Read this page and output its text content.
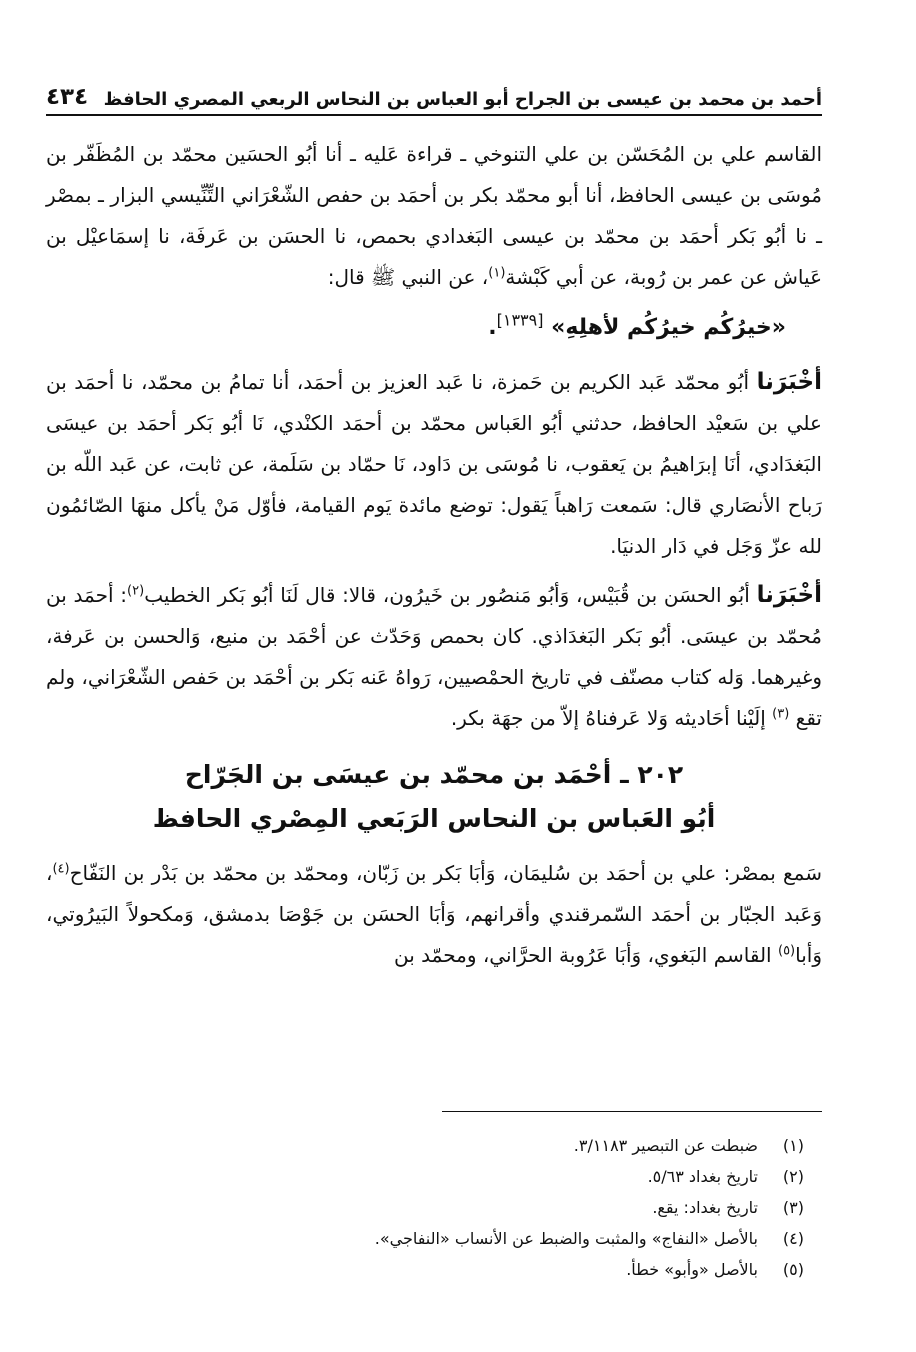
أحمد بن محمد بن عيسى بن الجراح أبو العباس بن النحاس الربعي المصري الحافظ
٤٣٤

القاسم علي بن المُحَسّن بن علي التنوخي ـ قراءة عَليه ـ أنا أبُو الحسَين محمّد بن المُظَفّر بن مُوسَى بن عيسى الحافظ، أنا أبو محمّد بكر بن أحمَد بن حفص الشّعْرَاني التِّنِّيسي البزار ـ بمصْر ـ نا أبُو بَكر أحمَد بن محمّد بن عيسى البَغدادي بحمص، نا الحسَن بن عَرفَة، نا إسمَاعيْل بن عَياش عن عمر بن رُوبة، عن أبي كَبْشة$^{(١)}$، عن النبي ﷺ قال:

«خيرُكُم خيرُكُم لأهلِهِ» [١٣٣٩].

أخْبَرَنا أبُو محمّد عَبد الكريم بن حَمزة، نا عَبد العزيز بن أحمَد، أنا تمامُ بن محمّد، نا أحمَد بن علي بن سَعيْد الحافظ، حدثني أبُو العَباس محمّد بن أحمَد الكنْدي، نَا أبُو بَكر أحمَد بن عيسَى البَغدَادي، أنَا إبرَاهيمُ بن يَعقوب، نا مُوسَى بن دَاود، نَا حمّاد بن سَلَمة، عن ثابت، عن عَبد اللّه بن رَباح الأنصَاري قال: سَمعت رَاهباً يَقول: توضع مائدة يَوم القيامة، فأوّل مَنْ يأكل منهَا الصّائمُون لله عزّ وَجَل في دَار الدنيَا.

أخْبَرَنا أبُو الحسَن بن قُبَيْس، وَأبُو مَنصُور بن خَيرُون، قالا: قال لَنَا أبُو بَكر الخطيب$^{(٢)}$: أحمَد بن مُحمّد بن عيسَى. أبُو بَكر البَغدَاذي. كان بحمص وَحَدّث عن أحْمَد بن منيع، وَالحسن بن عَرفة، وغيرهما. وَله كتاب مصنّف في تاريخ الحمْصيين، رَواهُ عَنه بَكر بن أحْمَد بن حَفص الشّعْرَاني، ولم تقع $^{(٣)}$ إلَيْنا أحَاديثه وَلا عَرفناهُ إلاّ من جهَة بكر.

٢٠٢ ـ أحْمَد بن محمّد بن عيسَى بن الجَرّاح
أبُو العَباس بن النحاس الرَبَعي المِصْري الحافظ

سَمع بمصْر: علي بن أحمَد بن سُليمَان، وَأبَا بَكر بن زَبّان، ومحمّد بن محمّد بن بَدْر بن النَفّاح$^{(٤)}$، وَعَبد الجبّار بن أحمَد السّمرقندي وأقرانهم، وَأبَا الحسَن بن جَوْصَا بدمشق، وَمكحولاً البَيرُوتي، وَأبا$^{(٥)}$ القاسم البَغوي، وَأبَا عَرُوبة الحرَّاني، ومحمّد بن

(١)
ضبطت عن التبصير ٣/١١٨٣.
(٢)
تاريخ بغداد ٥/٦٣.
(٣)
تاريخ بغداد: يقع.
(٤)
بالأصل «النفاج» والمثبت والضبط عن الأنساب «النفاجي».
(٥)
بالأصل «وأبو» خطأ.
